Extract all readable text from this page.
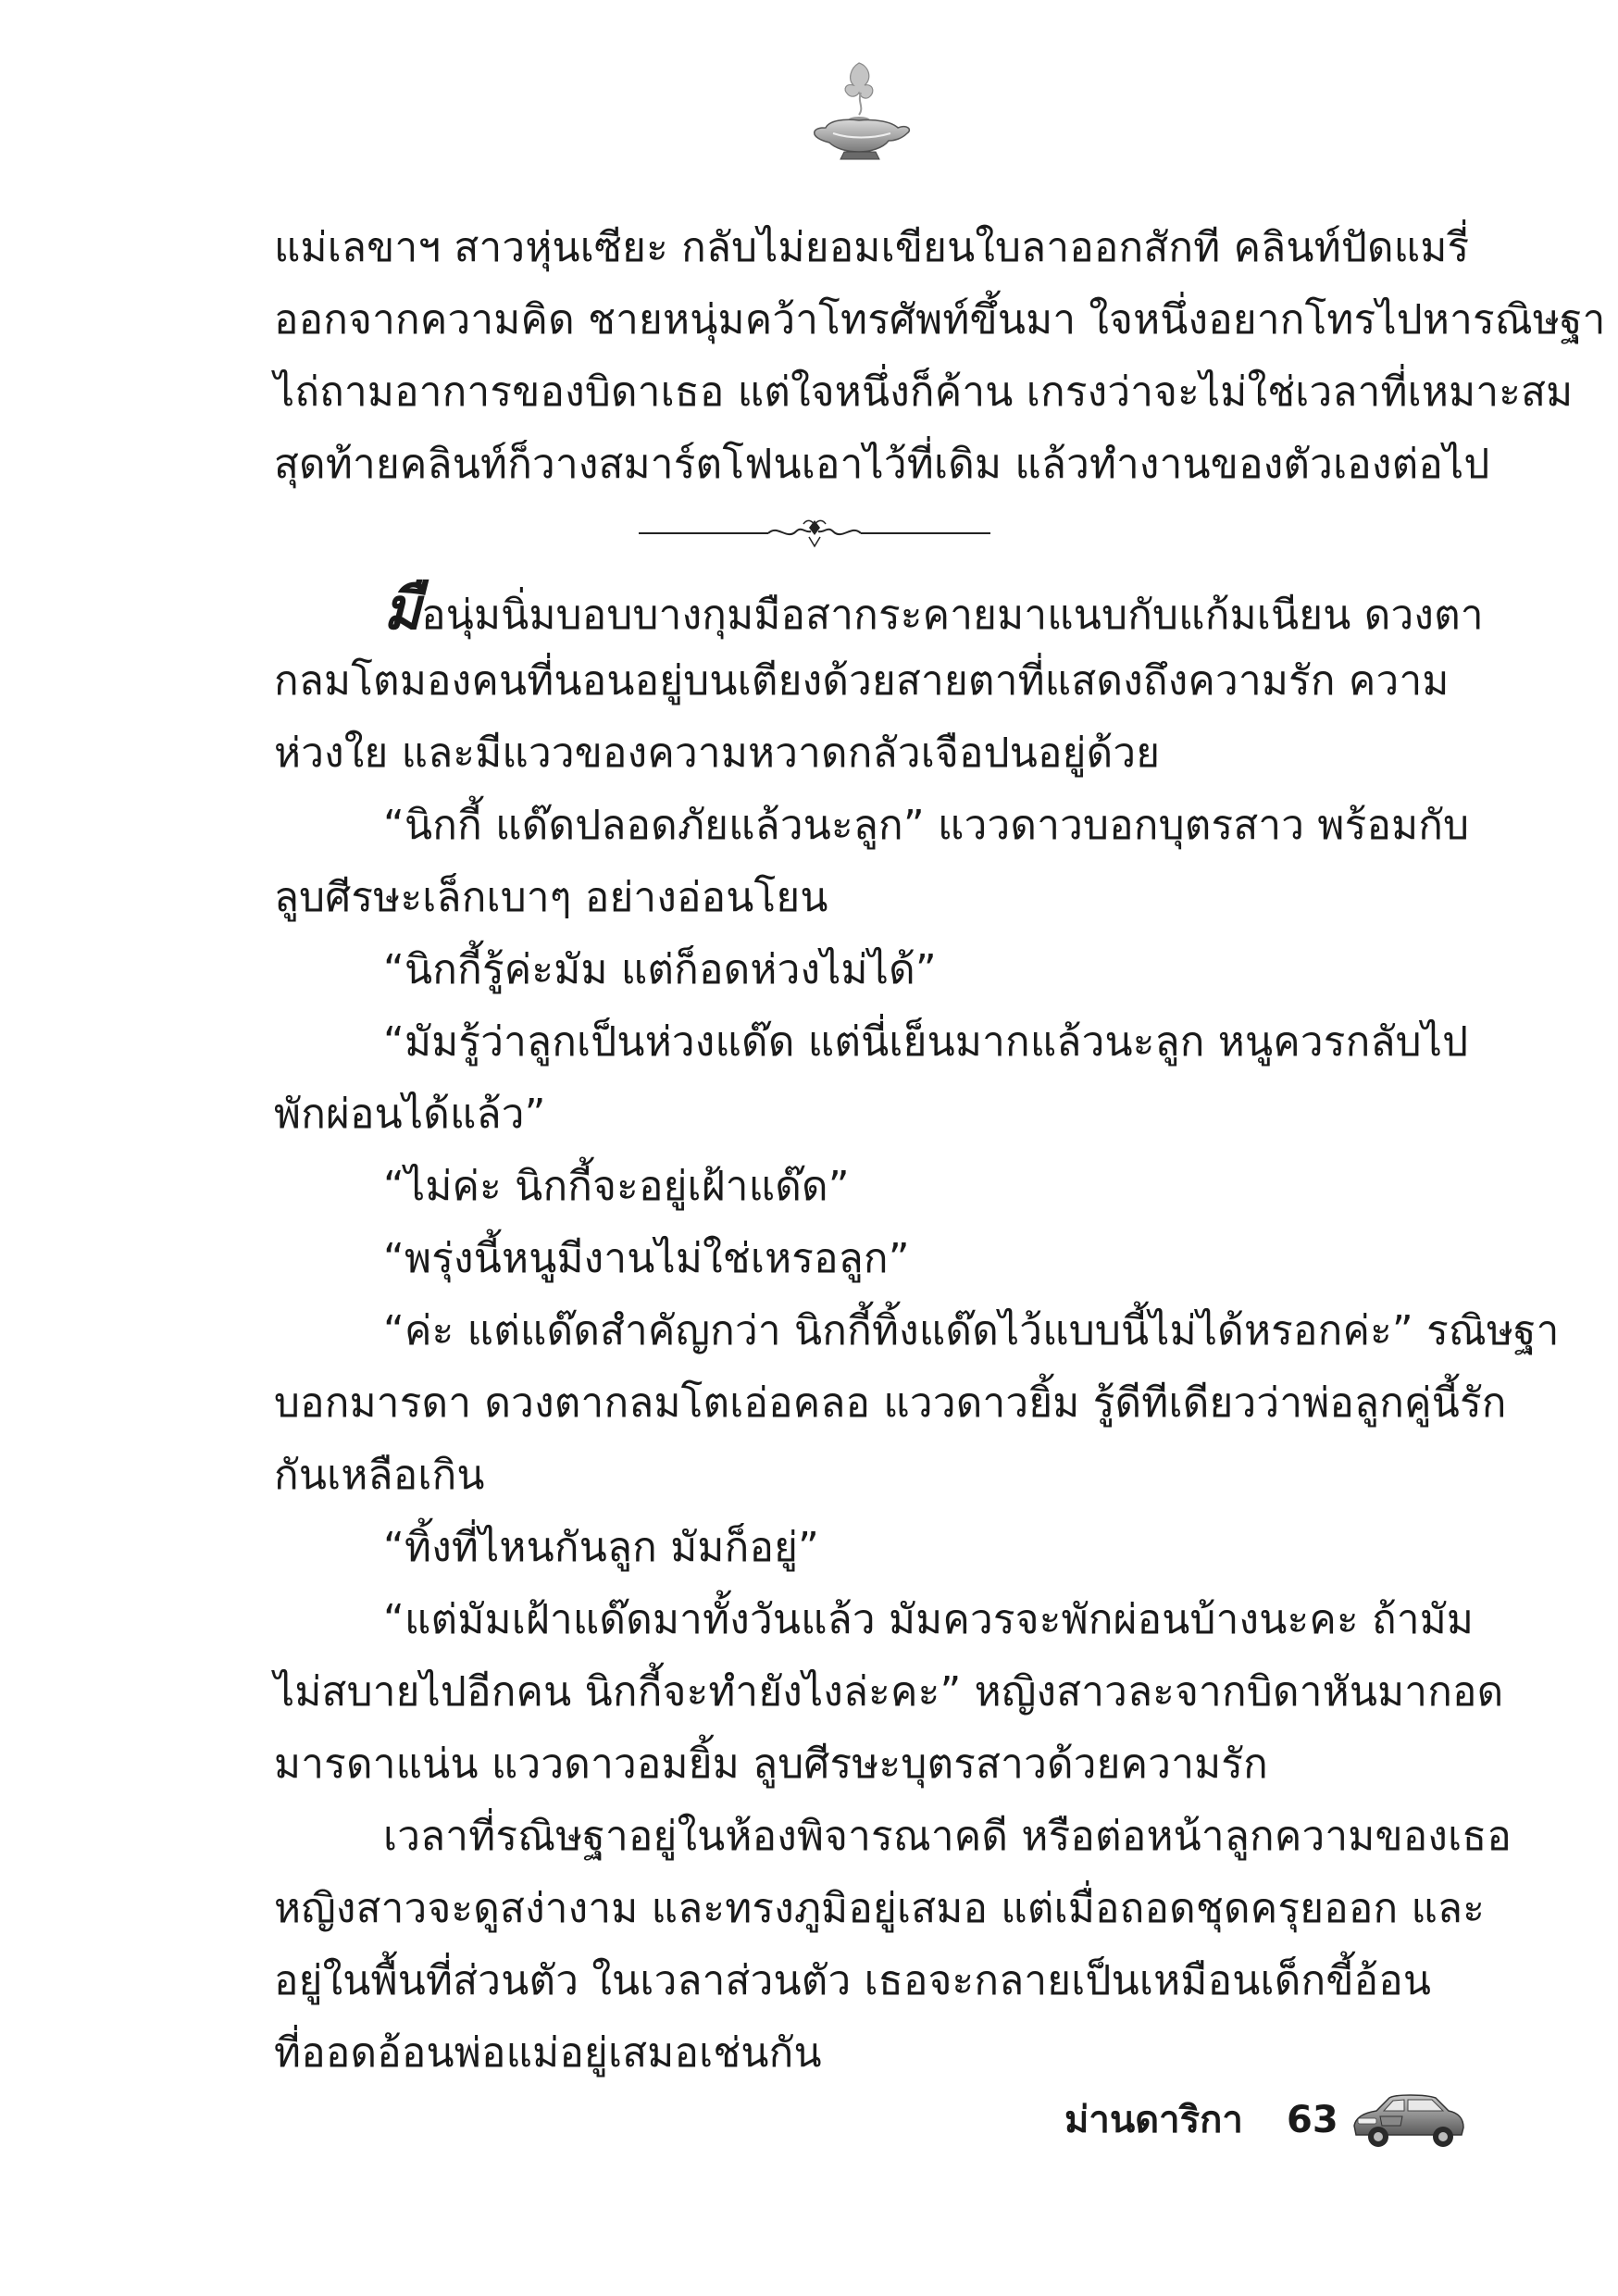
แม่เลขาฯ สาวหุ่นเซียะ กลับไม่ยอมเขียนใบลาออกสักที คลินท์ปัดแมรี่
ออกจากความคิด ชายหนุ่มคว้าโทรศัพท์ขึ้นมา ใจหนึ่งอยากโทรไปหารณิษฐา
ไถ่ถามอาการของบิดาเธอ แต่ใจหนึ่งก็ค้าน เกรงว่าจะไม่ใช่เวลาที่เหมาะสม
สุดท้ายคลินท์ก็วางสมาร์ตโฟนเอาไว้ที่เดิม แล้วทำงานของตัวเองต่อไป
มือนุ่มนิ่มบอบบางกุมมือสากระคายมาแนบกับแก้มเนียน ดวงตา
กลมโตมองคนที่นอนอยู่บนเตียงด้วยสายตาที่แสดงถึงความรัก ความ
ห่วงใย และมีแววของความหวาดกลัวเจือปนอยู่ด้วย
“นิกกี้ แด๊ดปลอดภัยแล้วนะลูก” แววดาวบอกบุตรสาว พร้อมกับ
ลูบศีรษะเล็กเบาๆ อย่างอ่อนโยน
“นิกกี้รู้ค่ะมัม แต่ก็อดห่วงไม่ได้”
“มัมรู้ว่าลูกเป็นห่วงแด๊ด แต่นี่เย็นมากแล้วนะลูก หนูควรกลับไป
พักผ่อนได้แล้ว”
“ไม่ค่ะ นิกกี้จะอยู่เฝ้าแด๊ด”
“พรุ่งนี้หนูมีงานไม่ใช่เหรอลูก”
“ค่ะ แต่แด๊ดสำคัญกว่า นิกกี้ทิ้งแด๊ดไว้แบบนี้ไม่ได้หรอกค่ะ” รณิษฐา
บอกมารดา ดวงตากลมโตเอ่อคลอ แววดาวยิ้ม รู้ดีทีเดียวว่าพ่อลูกคู่นี้รัก
กันเหลือเกิน
“ทิ้งที่ไหนกันลูก มัมก็อยู่”
“แต่มัมเฝ้าแด๊ดมาทั้งวันแล้ว มัมควรจะพักผ่อนบ้างนะคะ ถ้ามัม
ไม่สบายไปอีกคน นิกกี้จะทำยังไงล่ะคะ” หญิงสาวละจากบิดาหันมากอด
มารดาแน่น แววดาวอมยิ้ม ลูบศีรษะบุตรสาวด้วยความรัก
เวลาที่รณิษฐาอยู่ในห้องพิจารณาคดี หรือต่อหน้าลูกความของเธอ
หญิงสาวจะดูสง่างาม และทรงภูมิอยู่เสมอ แต่เมื่อถอดชุดครุยออก และ
อยู่ในพื้นที่ส่วนตัว ในเวลาส่วนตัว เธอจะกลายเป็นเหมือนเด็กขี้อ้อน
ที่ออดอ้อนพ่อแม่อยู่เสมอเช่นกัน
ม่านดาริกา 63
